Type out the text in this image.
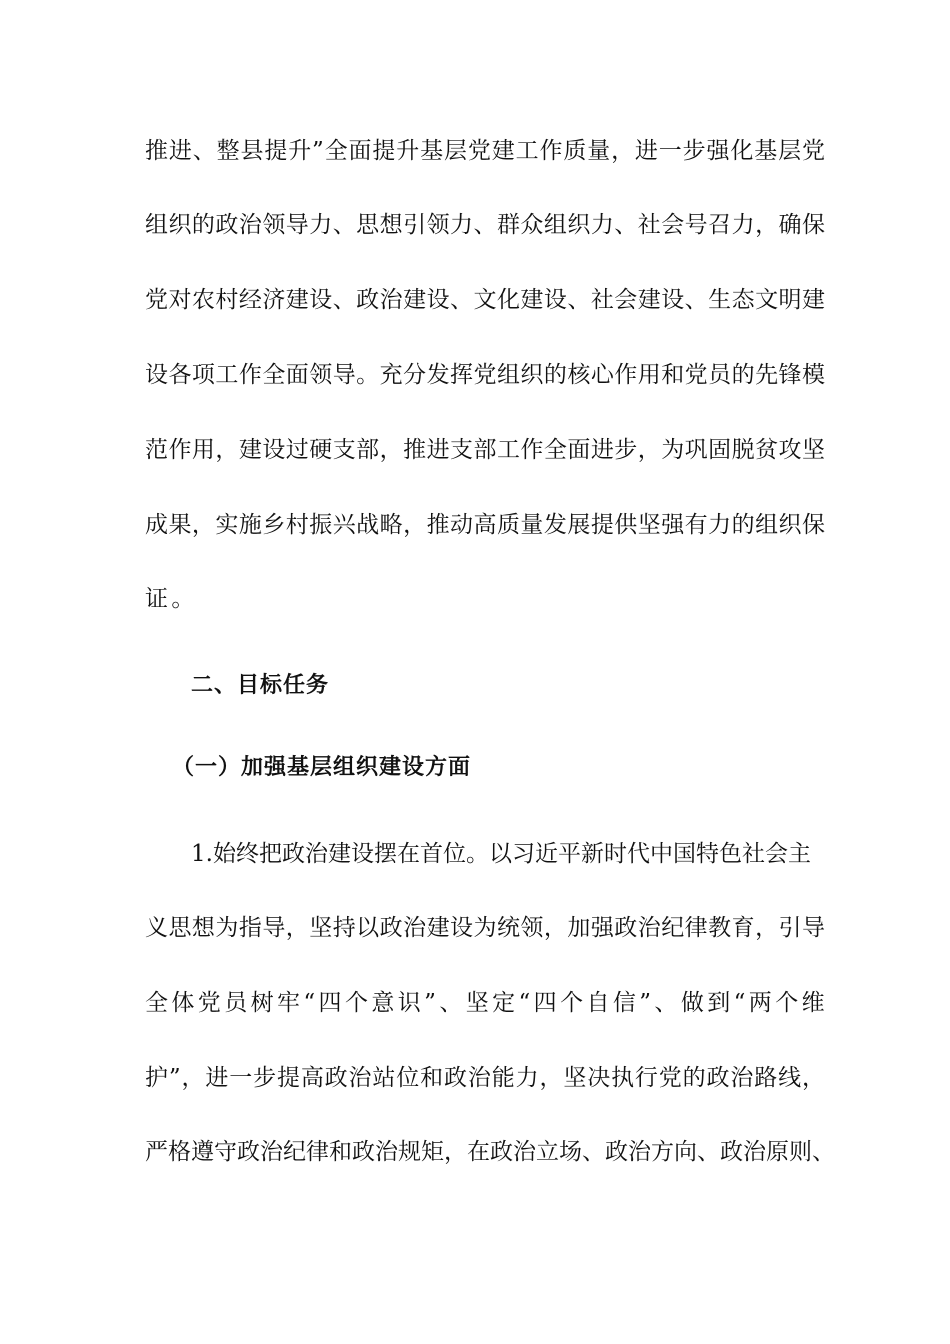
推进、整县提升”全面提升基层党建工作质量，进一步强化基层党
组织的政治领导力、思想引领力、群众组织力、社会号召力，确保
党对农村经济建设、政治建设、文化建设、社会建设、生态文明建
设各项工作全面领导。充分发挥党组织的核心作用和党员的先锋模
范作用，建设过硬支部，推进支部工作全面进步，为巩固脱贫攻坚
成果，实施乡村振兴战略，推动高质量发展提供坚强有力的组织保
证。
二、目标任务
（一）加强基层组织建设方面
1.始终把政治建设摆在首位。以习近平新时代中国特色社会主
义思想为指导，坚持以政治建设为统领，加强政治纪律教育，引导
全体党员树牢“四个意识”、坚定“四个自信”、做到“两个维
护”，进一步提高政治站位和政治能力，坚决执行党的政治路线，
严格遵守政治纪律和政治规矩，在政治立场、政治方向、政治原则、
